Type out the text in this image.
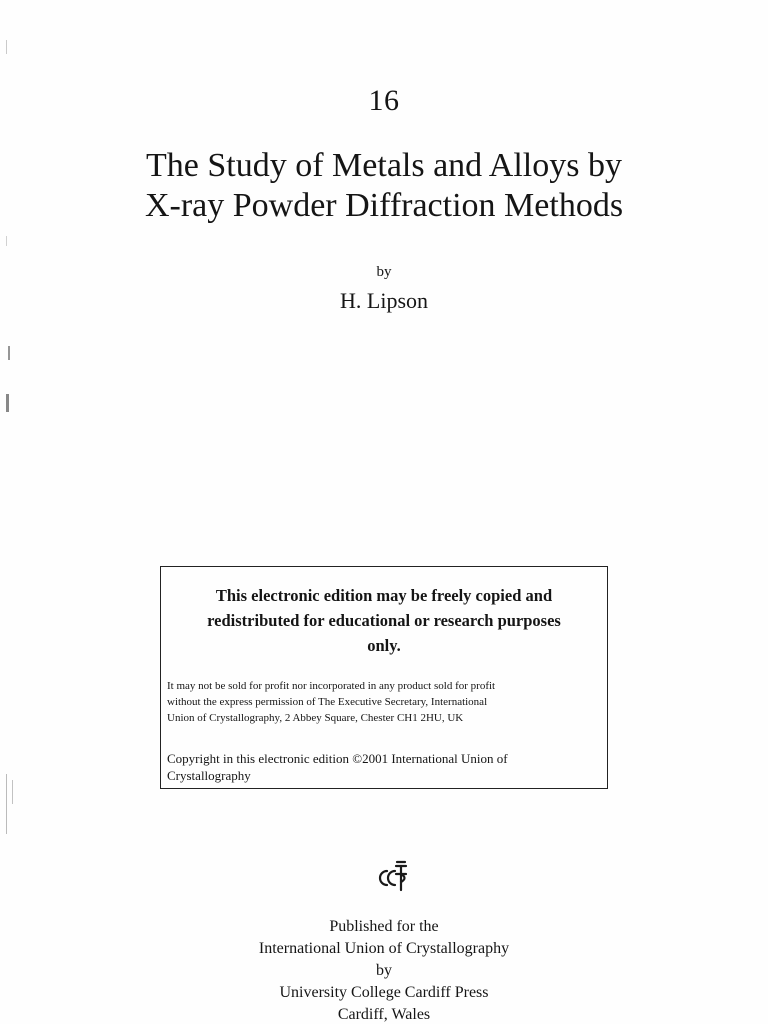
16
The Study of Metals and Alloys by
X-ray Powder Diffraction Methods
by
H. Lipson
This electronic edition may be freely copied and
redistributed for educational or research purposes
only.
It may not be sold for profit nor incorporated in any product sold for profit
without the express permission of The Executive Secretary, International
Union of Crystallography, 2 Abbey Square, Chester CH1 2HU, UK
Copyright in this electronic edition ©2001 International Union of
Crystallography
Published for the
International Union of Crystallography
by
University College Cardiff Press
Cardiff, Wales
